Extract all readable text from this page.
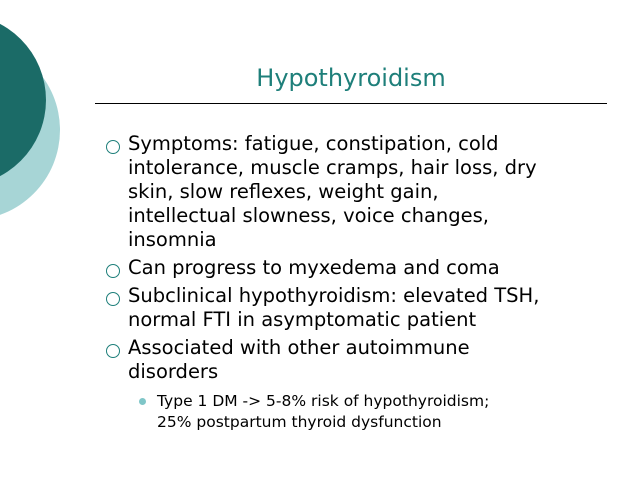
Hypothyroidism
Symptoms: fatigue, constipation, cold
intolerance, muscle cramps, hair loss, dry
skin, slow reflexes, weight gain,
intellectual slowness, voice changes,
insomnia
Can progress to myxedema and coma
Subclinical hypothyroidism: elevated TSH,
normal FTI in asymptomatic patient
Associated with other autoimmune
disorders
Type 1 DM -> 5-8% risk of hypothyroidism;
25% postpartum thyroid dysfunction
